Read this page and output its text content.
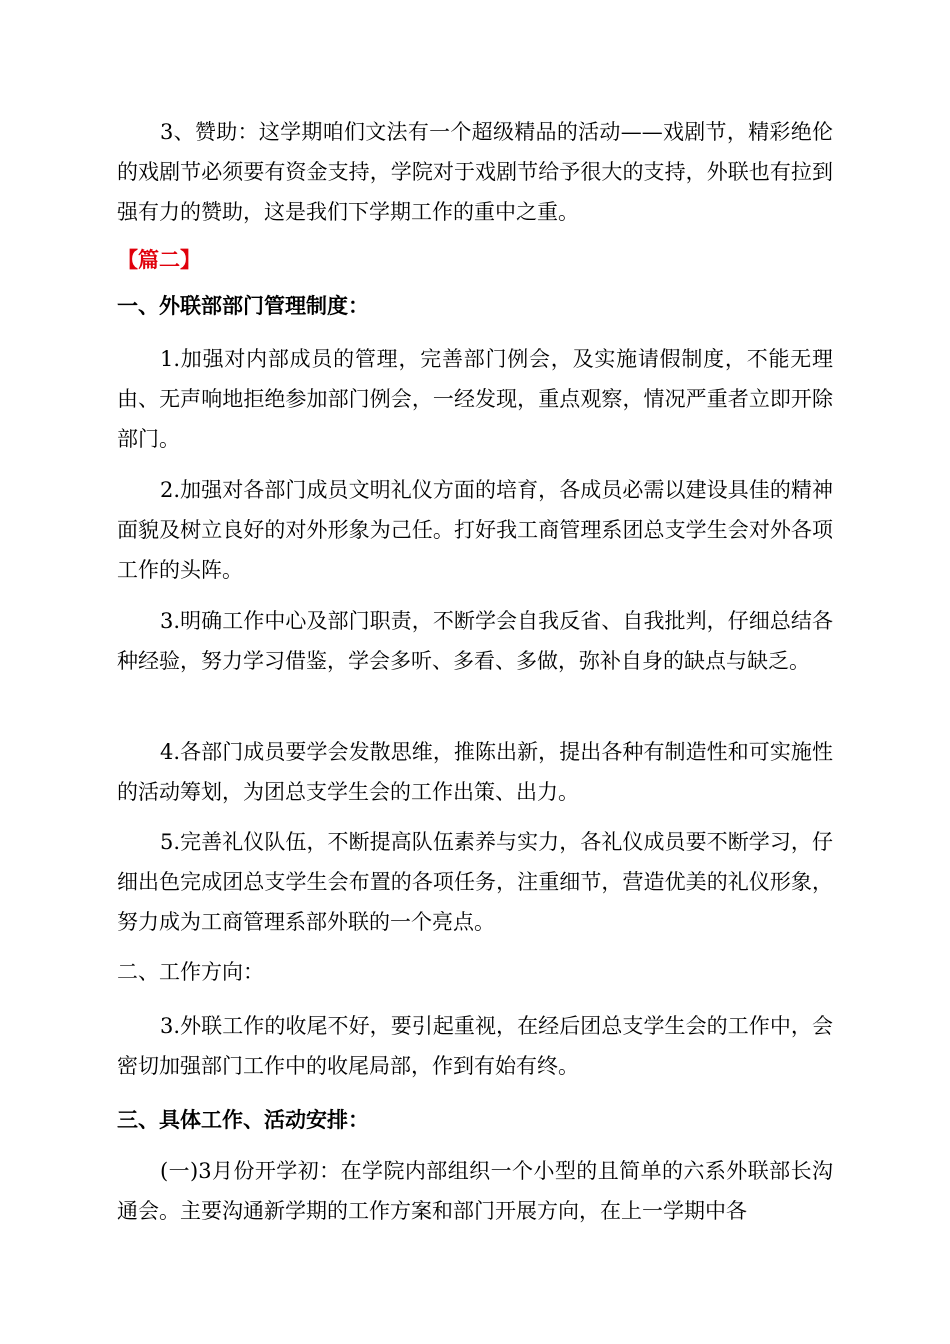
3、赞助：这学期咱们文法有一个超级精品的活动——戏剧节，精彩绝伦的戏剧节必须要有资金支持，学院对于戏剧节给予很大的支持，外联也有拉到强有力的赞助，这是我们下学期工作的重中之重。

【篇二】

一、外联部部门管理制度：

1.加强对内部成员的管理，完善部门例会，及实施请假制度，不能无理由、无声响地拒绝参加部门例会，一经发现，重点观察，情况严重者立即开除部门。

2.加强对各部门成员文明礼仪方面的培育，各成员必需以建设具佳的精神面貌及树立良好的对外形象为己任。打好我工商管理系团总支学生会对外各项工作的头阵。

3.明确工作中心及部门职责，不断学会自我反省、自我批判，仔细总结各种经验，努力学习借鉴，学会多听、多看、多做，弥补自身的缺点与缺乏。

4.各部门成员要学会发散思维，推陈出新，提出各种有制造性和可实施性的活动筹划，为团总支学生会的工作出策、出力。

5.完善礼仪队伍，不断提高队伍素养与实力，各礼仪成员要不断学习，仔细出色完成团总支学生会布置的各项任务，注重细节，营造优美的礼仪形象，努力成为工商管理系部外联的一个亮点。

二、工作方向：

3.外联工作的收尾不好，要引起重视，在经后团总支学生会的工作中，会密切加强部门工作中的收尾局部，作到有始有终。

三、具体工作、活动安排：

(一)3月份开学初：在学院内部组织一个小型的且简单的六系外联部长沟通会。主要沟通新学期的工作方案和部门开展方向，在上一学期中各
